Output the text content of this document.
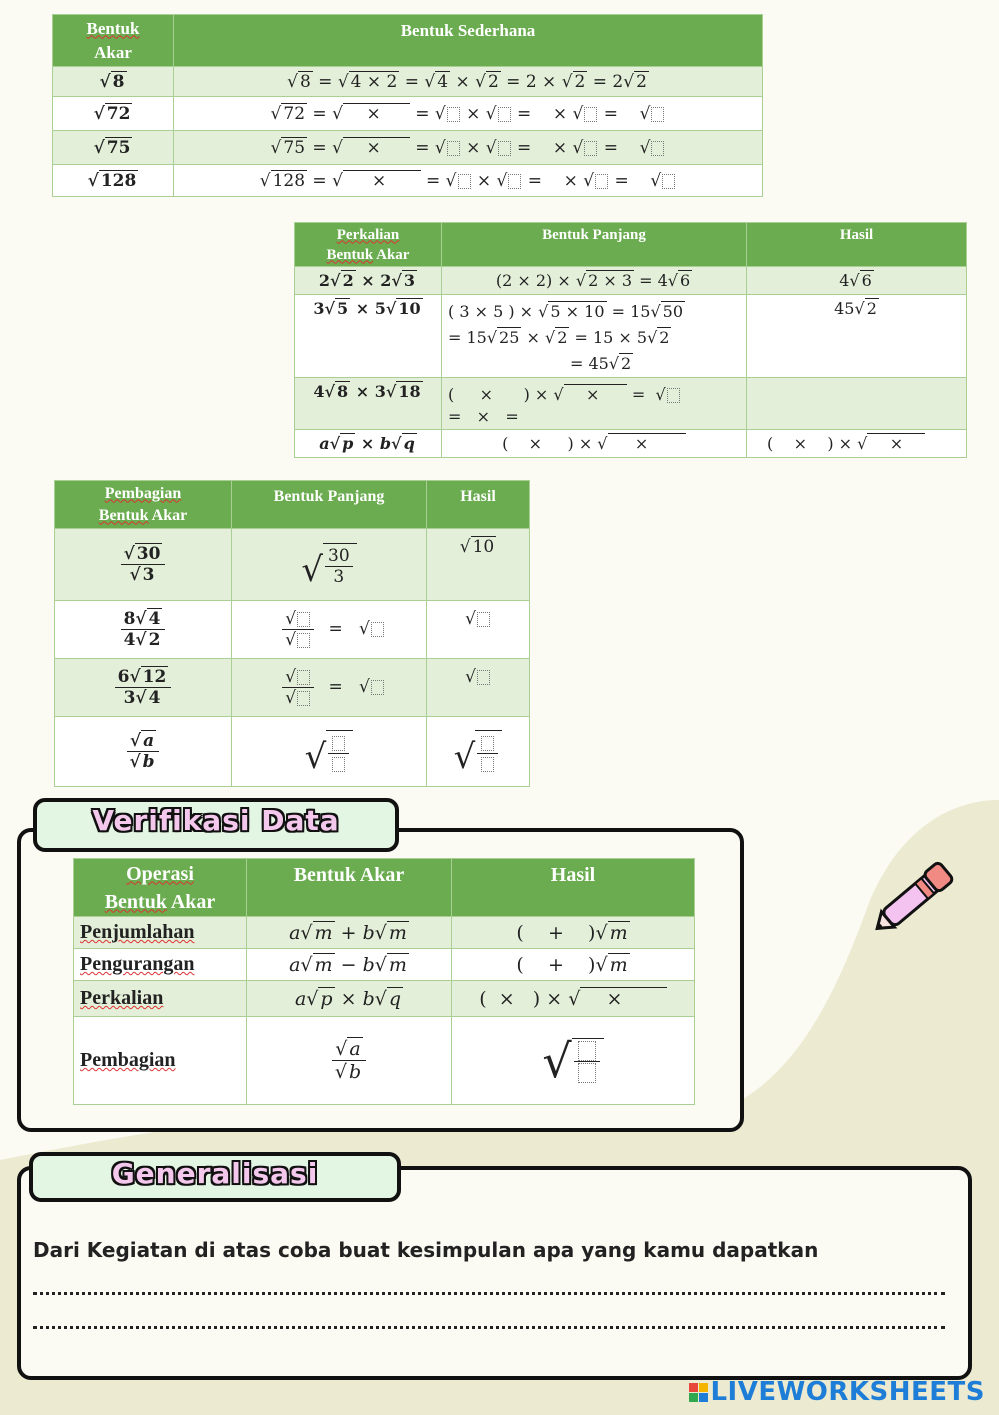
Bentuk
Akar	Bentuk Sederhana
√ 8	√ 8 = √ 4 × 2 = √ 4 × √ 2 = 2 × √ 2 = 2√ 2
√ 72	√ 72 = √    ×      = √ × √ =    × √ =    √
√ 75	√ 75 = √    ×      = √ × √ =    × √ =    √
√ 128	√ 128 = √     ×       = √ × √ =    × √ =    √
Perkalian
Bentuk Akar	Bentuk Panjang	Hasil
2√ 2 × 2√ 3	(2 × 2) × √ 2 × 3 = 4√ 6	4√ 6
3√ 5 × 5√ 10	( 3 × 5 ) × √ 5 × 10 = 15√ 50
= 15√ 25 × √ 2 = 15 × 5√ 2
= 45√ 2	45√ 2
4√ 8 × 3√ 18	(     ×      ) × √    ×      =  √
=   ×   =	
a√ p × b√ q	(    ×     ) × √     ×	(    ×    ) × √    ×
Pembagian
Bentuk Akar	Bentuk Panjang	Hasil

$\frac{√ 30}{√ 3}$	√ $\frac{30}{3}$	√ 10

$\frac{8√ 4}{4√ 2}$	$\frac{√}{√}$ =   √	√

$\frac{6√ 12}{3√ 4}$	$\frac{√}{√}$ =   √	√

$\frac{√ a}{√ b}$	√	√
Verifikasi Data
Operasi
Bentuk Akar	Bentuk Akar	Hasil
Penjumlahan	a√ m + b√ m	(    +    )√ m
Pengurangan	a√ m − b√ m	(    +    )√ m
Perkalian	a√ p × b√ q	(  ×   ) × √    ×
Pembagian	$\frac{√ a}{√ b}$	√
Generalisasi
Dari Kegiatan di atas coba buat kesimpulan apa yang kamu dapatkan
LIVEWORKSHEETS
